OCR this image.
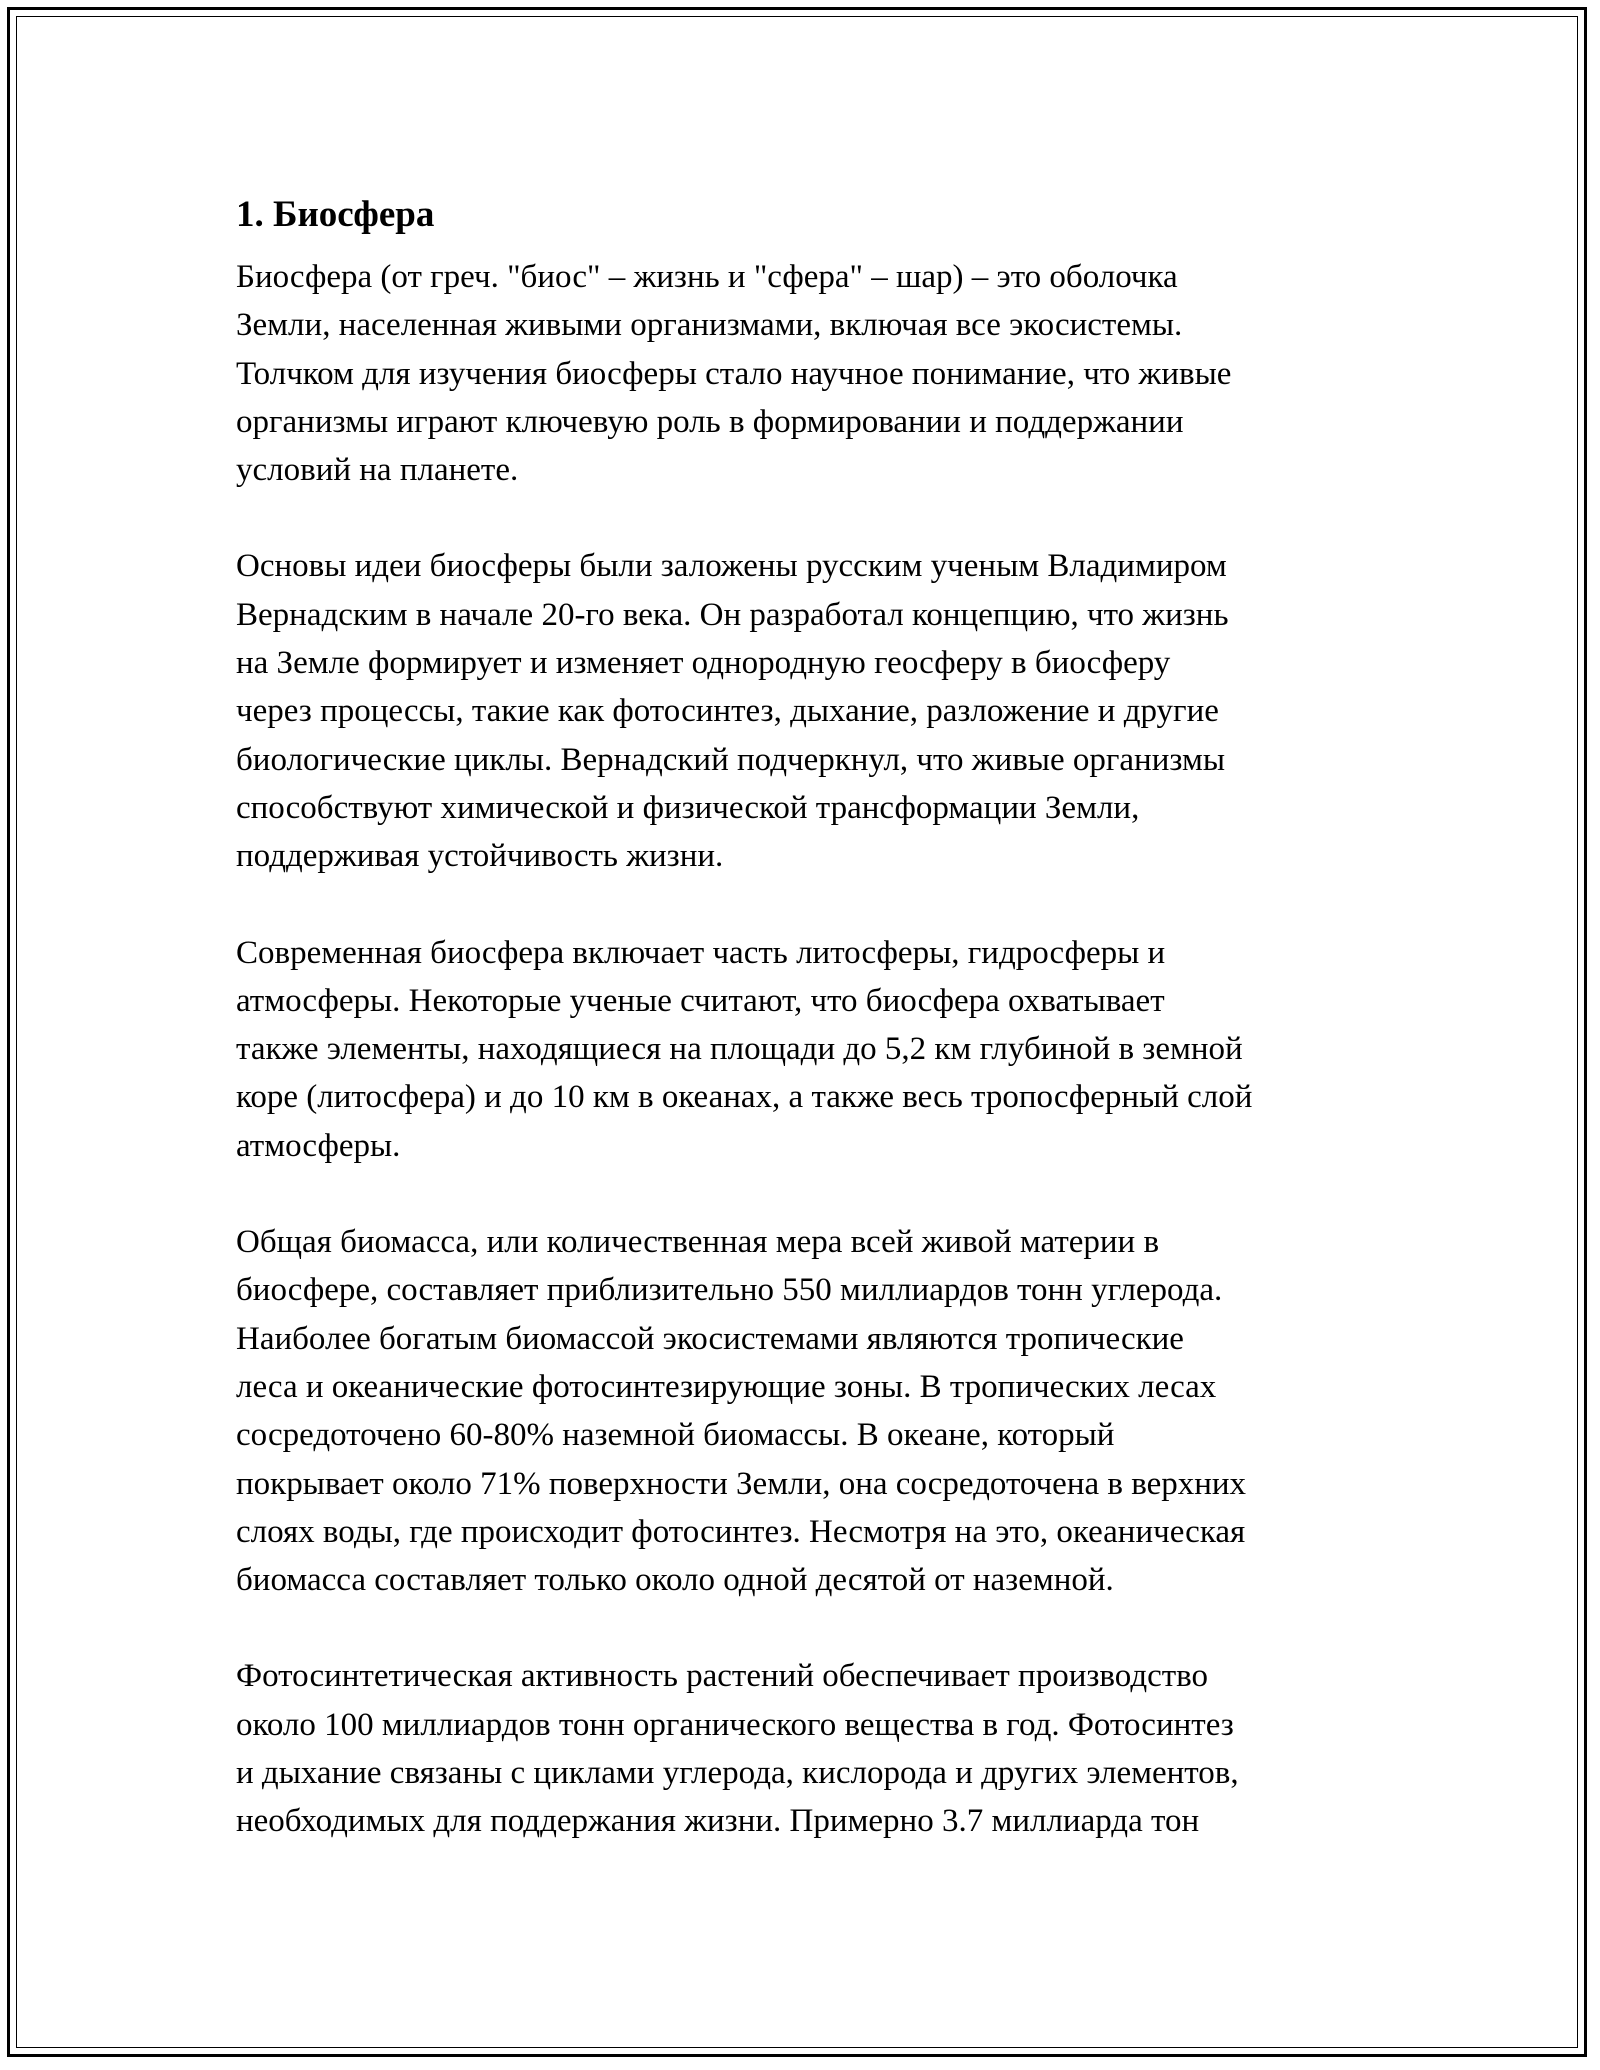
1. Биосфера

Биосфера (от греч. "биос" – жизнь и "сфера" – шар) – это оболочка
Земли, населенная живыми организмами, включая все экосистемы.
Толчком для изучения биосферы стало научное понимание, что живые
организмы играют ключевую роль в формировании и поддержании
условий на планете.

Основы идеи биосферы были заложены русским ученым Владимиром
Вернадским в начале 20-го века. Он разработал концепцию, что жизнь
на Земле формирует и изменяет однородную геосферу в биосферу
через процессы, такие как фотосинтез, дыхание, разложение и другие
биологические циклы. Вернадский подчеркнул, что живые организмы
способствуют химической и физической трансформации Земли,
поддерживая устойчивость жизни.

Современная биосфера включает часть литосферы, гидросферы и
атмосферы. Некоторые ученые считают, что биосфера охватывает
также элементы, находящиеся на площади до 5,2 км глубиной в земной
коре (литосфера) и до 10 км в океанах, а также весь тропосферный слой
атмосферы.

Общая биомасса, или количественная мера всей живой материи в
биосфере, составляет приблизительно 550 миллиардов тонн углерода.
Наиболее богатым биомассой экосистемами являются тропические
леса и океанические фотосинтезирующие зоны. В тропических лесах
сосредоточено 60-80% наземной биомассы. В океане, который
покрывает около 71% поверхности Земли, она сосредоточена в верхних
слоях воды, где происходит фотосинтез. Несмотря на это, океаническая
биомасса составляет только около одной десятой от наземной.

Фотосинтетическая активность растений обеспечивает производство
около 100 миллиардов тонн органического вещества в год. Фотосинтез
и дыхание связаны с циклами углерода, кислорода и других элементов,
необходимых для поддержания жизни. Примерно 3.7 миллиарда тон
